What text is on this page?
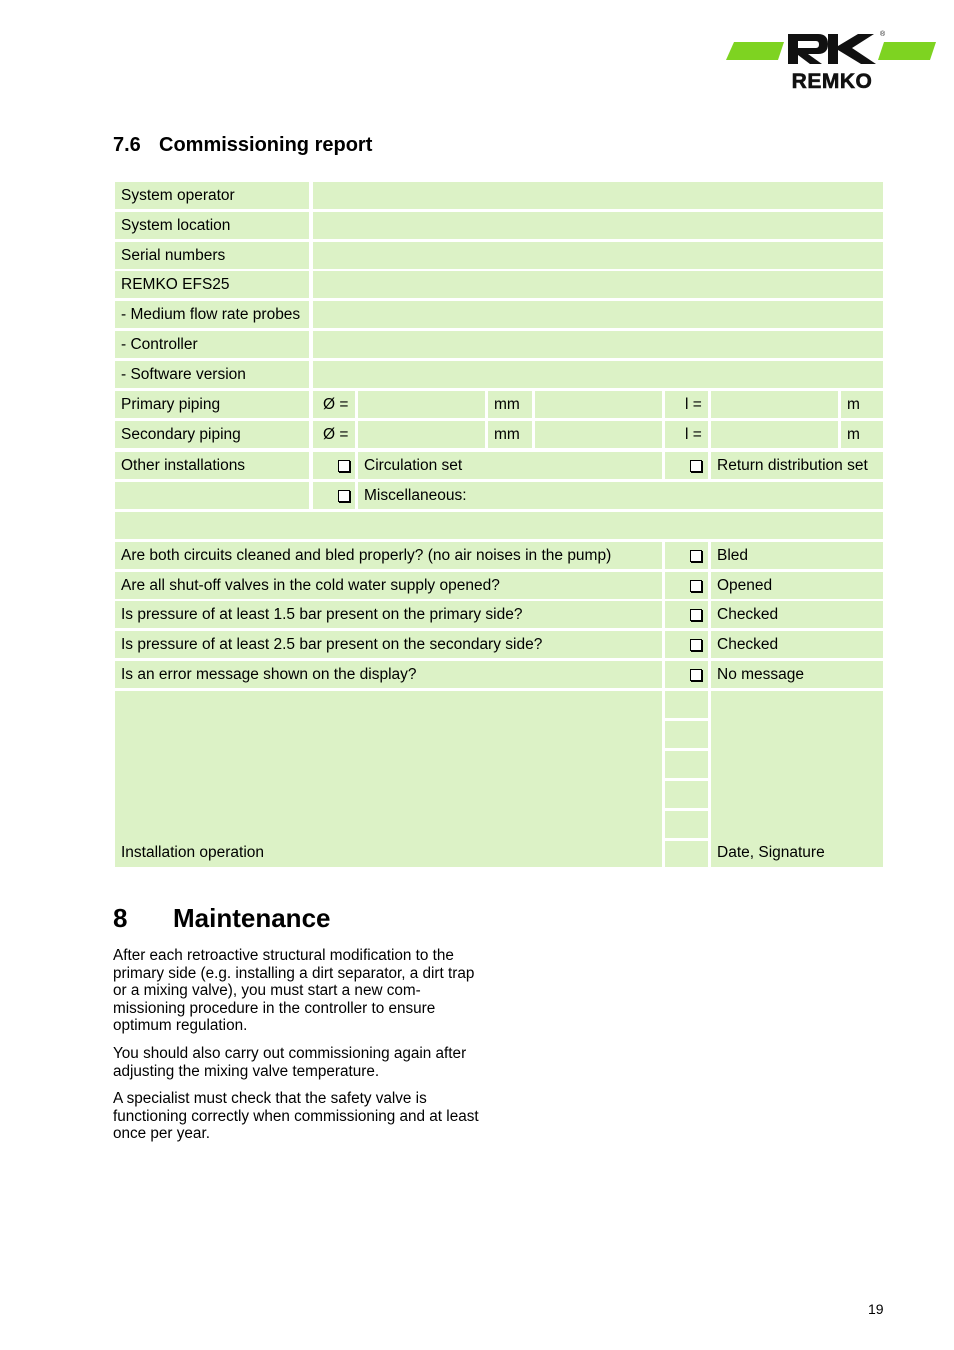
®
REMKO
7.6 Commissioning report
System operator
System location
Serial numbers
REMKO EFS25
- Medium flow rate probes
- Controller
- Software version
Primary piping	Ø =	mm	l =	m
Secondary piping	Ø =	mm	l =	m
Other installations	Circulation set	Return distribution set
Miscellaneous:
Are both circuits cleaned and bled properly? (no air noises in the pump)	Bled
Are all shut-off valves in the cold water supply opened?	Opened
Is pressure of at least 1.5 bar present on the primary side?	Checked
Is pressure of at least 2.5 bar present on the secondary side?	Checked
Is an error message shown on the display?	No message
Installation operation	Date, Signature
8 Maintenance

After each retroactive structural modification to the primary side (e.g. installing a dirt separator, a dirt trap or a mixing valve), you must start a new com-missioning procedure in the controller to ensure optimum regulation.

You should also carry out commissioning again after adjusting the mixing valve temperature.

A specialist must check that the safety valve is functioning correctly when commissioning and at least once per year.

19
